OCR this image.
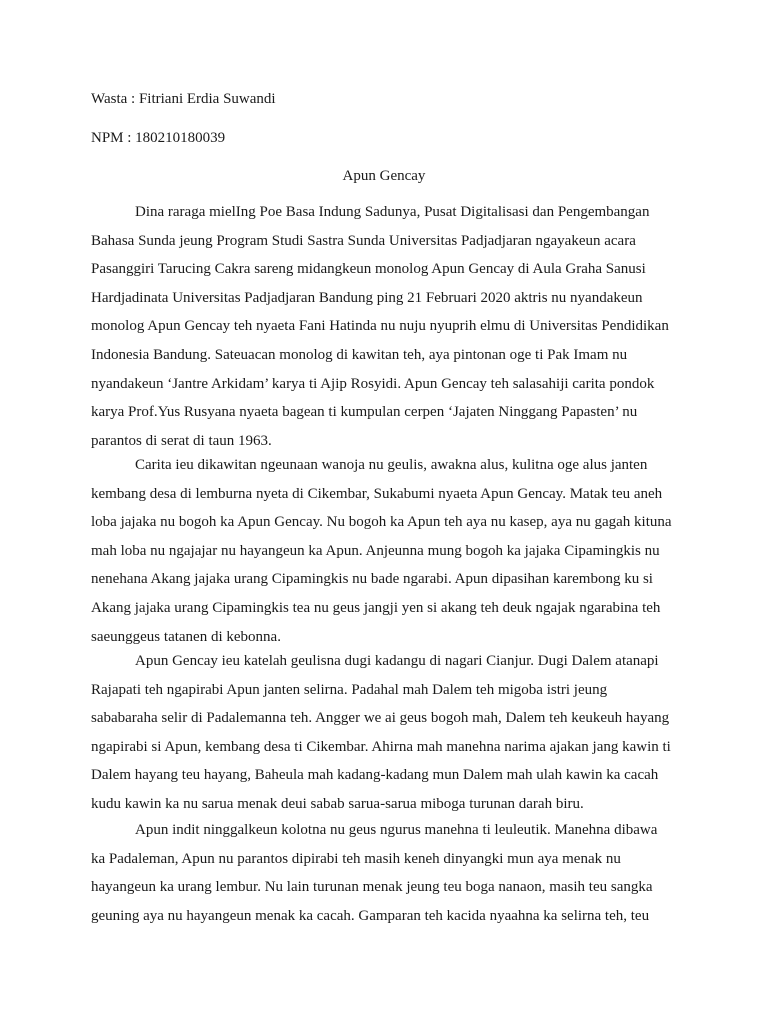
Wasta : Fitriani Erdia Suwandi
NPM : 180210180039
Apun Gencay
Dina raraga mielIng Poe Basa Indung Sadunya, Pusat Digitalisasi dan Pengembangan
Bahasa Sunda jeung Program Studi Sastra Sunda Universitas Padjadjaran ngayakeun acara
Pasanggiri Tarucing Cakra sareng midangkeun monolog Apun Gencay di Aula Graha Sanusi
Hardjadinata Universitas Padjadjaran Bandung ping 21 Februari 2020 aktris nu nyandakeun
monolog Apun Gencay teh nyaeta Fani Hatinda nu nuju nyuprih elmu di Universitas Pendidikan
Indonesia Bandung. Sateuacan monolog di kawitan teh, aya pintonan oge ti Pak Imam nu
nyandakeun ‘Jantre Arkidam’ karya ti Ajip Rosyidi. Apun Gencay teh salasahiji carita pondok
karya Prof.Yus Rusyana nyaeta bagean ti kumpulan cerpen ‘Jajaten Ninggang Papasten’ nu
parantos di serat di taun 1963.
Carita ieu dikawitan ngeunaan wanoja nu geulis, awakna alus, kulitna oge alus janten
kembang desa di lemburna nyeta di Cikembar, Sukabumi nyaeta Apun Gencay. Matak teu aneh
loba jajaka nu bogoh ka Apun Gencay. Nu bogoh ka Apun teh aya nu kasep, aya nu gagah kituna
mah loba nu ngajajar nu hayangeun ka Apun. Anjeunna mung bogoh ka jajaka Cipamingkis nu
nenehana Akang jajaka urang Cipamingkis nu bade ngarabi. Apun dipasihan karembong ku si
Akang jajaka urang Cipamingkis tea nu geus jangji yen si akang teh deuk ngajak ngarabina teh
saeunggeus tatanen di kebonna.
Apun Gencay ieu katelah geulisna dugi kadangu di nagari Cianjur. Dugi Dalem atanapi
Rajapati teh ngapirabi Apun janten selirna. Padahal mah Dalem teh migoba istri jeung
sababaraha selir di Padalemanna teh. Angger we ai geus bogoh mah, Dalem teh keukeuh hayang
ngapirabi si Apun, kembang desa ti Cikembar. Ahirna mah manehna narima ajakan jang kawin ti
Dalem hayang teu hayang, Baheula mah kadang-kadang mun Dalem mah ulah kawin ka cacah
kudu kawin ka nu sarua menak deui sabab sarua-sarua miboga turunan darah biru.
Apun indit ninggalkeun kolotna nu geus ngurus manehna ti leuleutik. Manehna dibawa
ka Padaleman, Apun nu parantos dipirabi teh masih keneh dinyangki mun aya menak nu
hayangeun ka urang lembur. Nu lain turunan menak jeung teu boga nanaon, masih teu sangka
geuning aya nu hayangeun menak ka cacah. Gamparan teh kacida nyaahna ka selirna teh, teu
